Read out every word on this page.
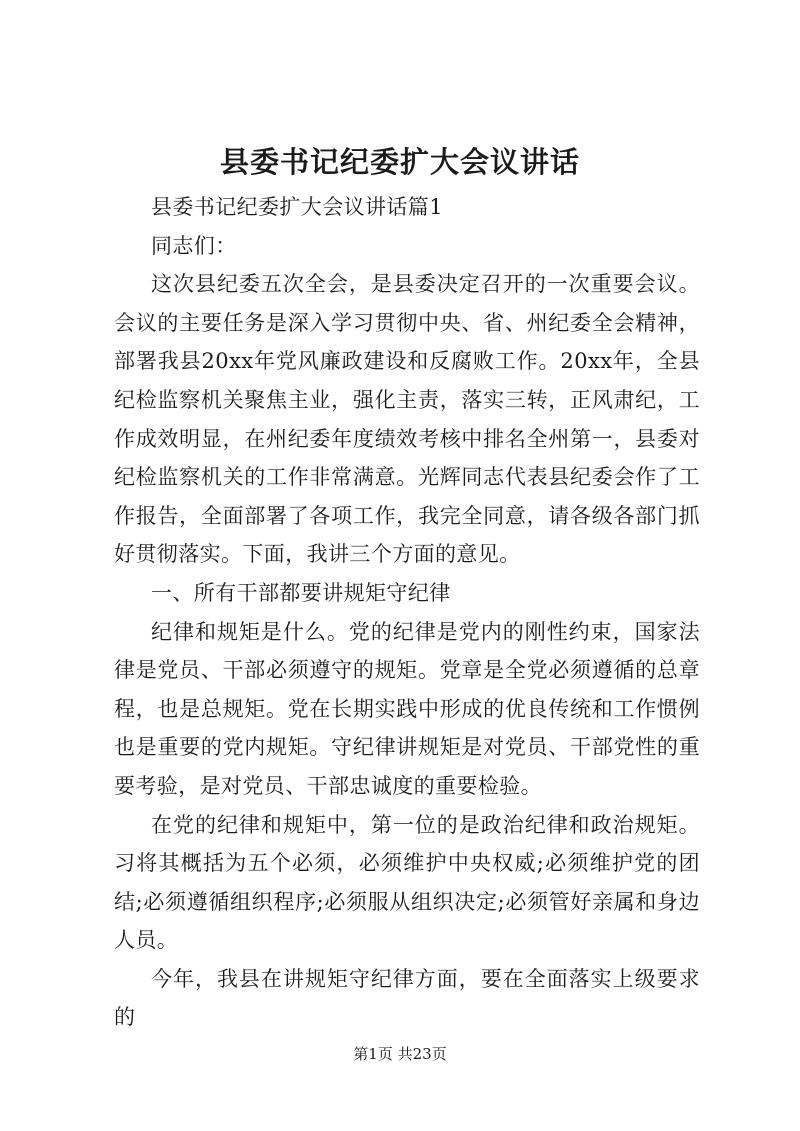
县委书记纪委扩大会议讲话

县委书记纪委扩大会议讲话篇1

同志们：

这次县纪委五次全会，是县委决定召开的一次重要会议。会议的主要任务是深入学习贯彻中央、省、州纪委全会精神，部署我县20xx年党风廉政建设和反腐败工作。20xx年，全县纪检监察机关聚焦主业，强化主责，落实三转，正风肃纪，工作成效明显，在州纪委年度绩效考核中排名全州第一，县委对纪检监察机关的工作非常满意。光辉同志代表县纪委会作了工作报告，全面部署了各项工作，我完全同意，请各级各部门抓好贯彻落实。下面，我讲三个方面的意见。

一、所有干部都要讲规矩守纪律

纪律和规矩是什么。党的纪律是党内的刚性约束，国家法律是党员、干部必须遵守的规矩。党章是全党必须遵循的总章程，也是总规矩。党在长期实践中形成的优良传统和工作惯例也是重要的党内规矩。守纪律讲规矩是对党员、干部党性的重要考验，是对党员、干部忠诚度的重要检验。

在党的纪律和规矩中，第一位的是政治纪律和政治规矩。习将其概括为五个必须，必须维护中央权威;必须维护党的团结;必须遵循组织程序;必须服从组织决定;必须管好亲属和身边人员。

今年，我县在讲规矩守纪律方面，要在全面落实上级要求的

第1页 共23页
